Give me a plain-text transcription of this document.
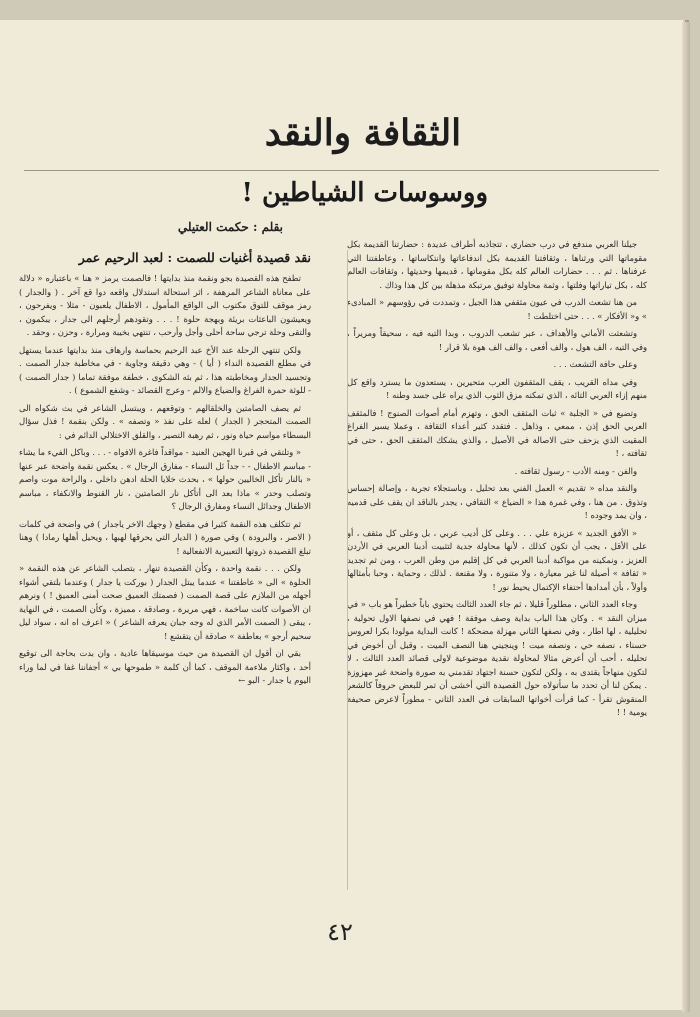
الثقافة والنقد
ووسوسات الشياطين !
بقلم : حكمت العتيلي

جيلنا العربي مندفع في درب حضاري ، تتجاذبه أطراف عديدة : حضارتنا القديمة بكل مقوماتها التي ورثناها ، وثقافتنا القديمة بكل اندفاعاتها وانتكاساتها ، وعاطفتنا التي عرفناها . ثم . . . حضارات العالم كله بكل مقوماتها ، قديمها وحديثها ، وثقافات العالم كله ، بكل تياراتها وفلتها ، وثمة محاولة توفيق مرتبكة مذهلة بين كل هذا وذاك .

من هنا تشعث الدرب في عيون مثقفي هذا الجيل ، وتمددت في رؤوسهم « المبادىء » و« الأفكار » . . . حتى اختلطت !

وتشعثت الأماني والأهداف ، عبر تشعب الدروب ، وبدا التيه فيه ، سحيقاً ومريراً ، وفي التيه ، الف هول ، والف أفعى ، والف الف هوة بلا قرار !

وعلى حافة التشعث . . .

وفي مداه القريب ، يقف المثقفون العرب متحيرين ، يستعدون ما يسترد واقع كل منهم إزاء العربي التائه ، الذي تمكنه مزق الثوب الذي يراه على جسد وطنه !

وتضيع في « الجلبة » ثبات المثقف الحق ، وتهزم أمام أصوات الصنوج ! فالمثقف العربي الحق إذن ، ممعي ، وذاهل . فتقدد كثير أعداء الثقافة ، وعملا يسير الفراغ المقيت الذي يزحف حتى الاصالة في الأصيل ، والذي يشكك المثقف الحق ، حتى في ثقافته ، !

والفن - ومنه الأدب - رسول ثقافته .

والنقد مداه « تقديم » العمل الفني بعد تحليل ، وباستجلاء تجربة ، وإصالة إحساس وتذوق . من هنا ، وفي غمرة هذا « الضياع » الثقافي ، يجدر بالناقد ان يقف على قدميه ، وان يمد وجوده !

« الأفق الجديد » عزيزة علي . . . وعلى كل أديب عربي ، بل وعلى كل مثقف ، أو على الأقل ، يجب أن تكون كذلك ، لأنها محاولة جدية لتثبيت أدبنا العربي في الأردن العزيز ، ونمكينه من مواكبة أدبنا العربي في كل إقليم من وطن العرب ، ومن ثم تجديد « ثقافة » أصيلة لنا غير معيارة ، ولا متنورة ، ولا مقنعة . لذلك ، وحماية ، وحبا بأمثالها وأولاً ، بأن أمدادها أحتفاء الإكتمال يحيط نور !

وجاء العدد الثاني ، مطلوراً قليلا ، ثم جاء العدد الثالث يحتوي باباً خطيراً هو باب « في ميزان النقد » . وكان هذا الباب بداية وصف موفقة ! فهي في نصفها الاول تحولية ، تحليلية ، لها اطار ، وفي نصفها الثاني مهزلة مضحكة ! كانت البداية مولودا بكرا لعروس حسناء ، نصفه حي ، ونصفه ميت ! وينجيني هنا النصف الميت ، وقبل أن أخوض في تحليله ، أحب أن أعرض مثالا لمحاولة نقدية موضوعية لاولى قصائد العدد الثالث ، لا لتكون منهاجاً يقتدى به ، ولكن لتكون حسنة اجتهاد تقدمني به صورة واضحة غير مهزوزة . يمكن لنا أن تحدد ما سأتولاه حول القصيدة التي أخشى أن تمر للبعض حروفاً كالشعر المنقوش تقرأ - كما قرأت أخواتها السابقات في العدد الثاني - مطوراً لاعرض صحيفة يومية ! !

نقد قصيدة أغنيات للصمت : لعبد الرحيم عمر

تطفح هذه القصيدة بجو ونقمة منذ بدايتها ! فالصمت يرمز « هنا » باعتباره « دلالة على معاناة الشاعر المرهفة ، اثر استحالة استدلال واقعه دوا قع آخر . ( والجدار ) رمز موقف للتوق مكتوب الى الواقع المأمول ، الاطفال يلعبون - مثلا - ويفرحون ، ويعيشون الباعثات بريئة وبهجة حلوة ! . . . وتقودهم أرجلهم الى جدار ، يبكمون ، والتقى وحلة ترجي ساحة أحلى وأجل وأرحب ، تنتهي بخيبة ومرارة ، وحزن ، وحقد .

ولكن تنتهي الرحلة عند الأخ عبد الرحيم بحماسة وارهاف منذ بدايتها عندما يستهل في مطلع القصيدة النداء ( أيا ) - وهي دقيقة وجاوية - في مخاطبة جدار الصمت . وتجسيد الجدار ومخاطبته هذا ، ثم بثه الشكوى ، خطفة موفقة تماما ( جدار الصمت ) - للوثة حمرة الفراغ والضياع والالم - وعرج القصائد - وشفع الشموع ) .

ثم يصف الصامتين والخلقالهم - وتوقعهم ، ويبتسل الشاعر في بث شكواه الى الصمت المتحجر ( الجدار ) لعله على نفذ « وتصفه » . ولكن بنقمة ! فذل سؤال البسطاء مواسم حياة ونور ، ثم رهبة التصير ، والقلق الاختلالي الدائم في :

« وتلتقي في قبرنا الهجين العنيد - مواقداً فاغرة الافواه - . . . وباكل الفيء ما يشاء - مباسم الاطفال - - جداً ئل النساء - مفارق الرجال » . يعكس نقمة واضحة عبر عنها « بالنار تأكل الخاليين حولها » ، بحدث خلايا الحلة ادهن داخلي ، والراحة موت واصم وتصلب وحدر » ماذا بعد الى أتأكل نار الصامتين ، نار القنوط والانكفاء ، مباسم الاطفال وجدائل النساء ومفارق الرجال ؟

ثم تتكلف هذه النقمة كثيرا في مقطع ( وجهك الاخر ياجدار ) في واضحة في كلمات ( الاصر ، والبرودة ) وفي صورة ( الديار التي يحرقها لهبها ، ويحيل أهلها رمادا ) وهنا تبلغ القصيدة ذروتها التعبيرية الانفعالية !

ولكن . . . نقمة واحدة ، وكأن القصيدة تنهار ، بتصلب الشاعر عن هذه النقمة « الحلوة » الى « عاطفتنا » عندما يبتل الجدار ( بوركت يا جدار ) وعندما بلتقي أشواء أجهله من الملازم على قصة الصمت ( فصمتك العميق صحت أمنى العميق ! ) ونرهم ان الأصوات كانت ساخمة ، فهي مريرة ، وصادقة ، مميزة ، وكأن الصمت ، في النهاية ، يبقى ( الصمت الأمر الذي له وجه جبان يعرفه الشاعر ) « اعرف اه انه ، سواد ليل سحيم أرجو » بعاطفة » صادقة أن يتقشع !

بقي ان أقول ان القصيدة من حيث موسيقاها عادية ، وان بدت بحاجة الى توقيع أحد ، واكثار ملاءمة الموقف ، كما أن كلمة « طموحها بي » أجفاننا غفا في لما وراء اليوم يا جدار - البو ←

٤٢
